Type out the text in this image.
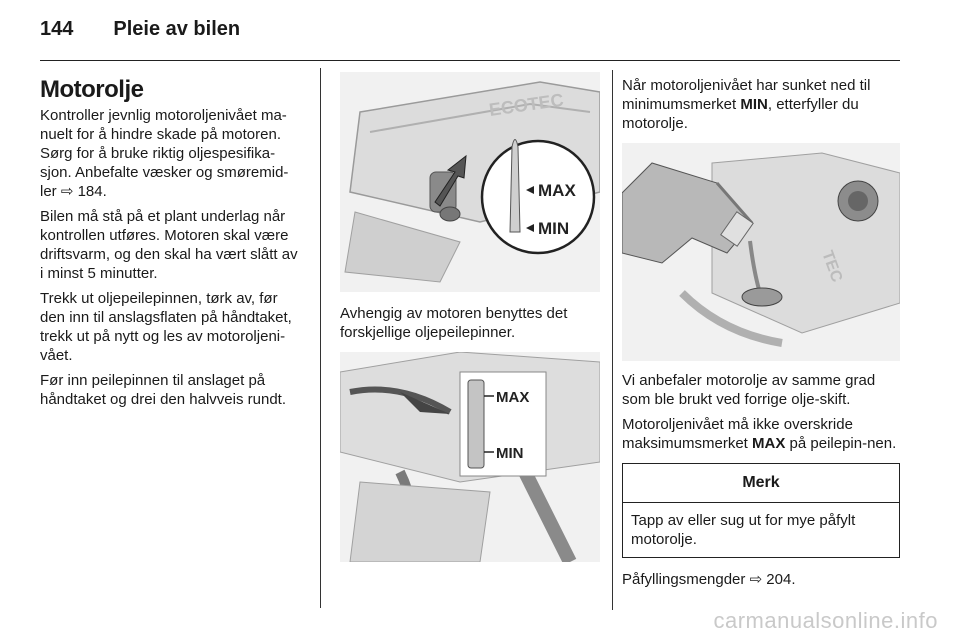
144 Pleie av bilen
Motorolje

Kontroller jevnlig motoroljenivået ma-nuelt for å hindre skade på motoren. Sørg for å bruke riktig oljespesifika-sjon. Anbefalte væsker og smøremid-ler ⇨ 184.

Bilen må stå på et plant underlag når kontrollen utføres. Motoren skal være driftsvarm, og den skal ha vært slått av i minst 5 minutter.

Trekk ut oljepeilepinnen, tørk av, før den inn til anslagsflaten på håndtaket, trekk ut på nytt og les av motoroljeni-vået.

Før inn peilepinnen til anslaget på håndtaket og drei den halvveis rundt.

ECOTEC
MAX
MIN

Avhengig av motoren benyttes det forskjellige oljepeilepinner.

MAX
MIN

Når motoroljenivået har sunket ned til minimumsmerket MIN, etterfyller du motorolje.

TEC

Vi anbefaler motorolje av samme grad som ble brukt ved forrige olje-skift.

Motoroljenivået må ikke overskride maksimumsmerket MAX på peilepin-nen.

Merk
Tapp av eller sug ut for mye påfylt motorolje.

Påfyllingsmengder ⇨ 204.

carmanualsonline.info
